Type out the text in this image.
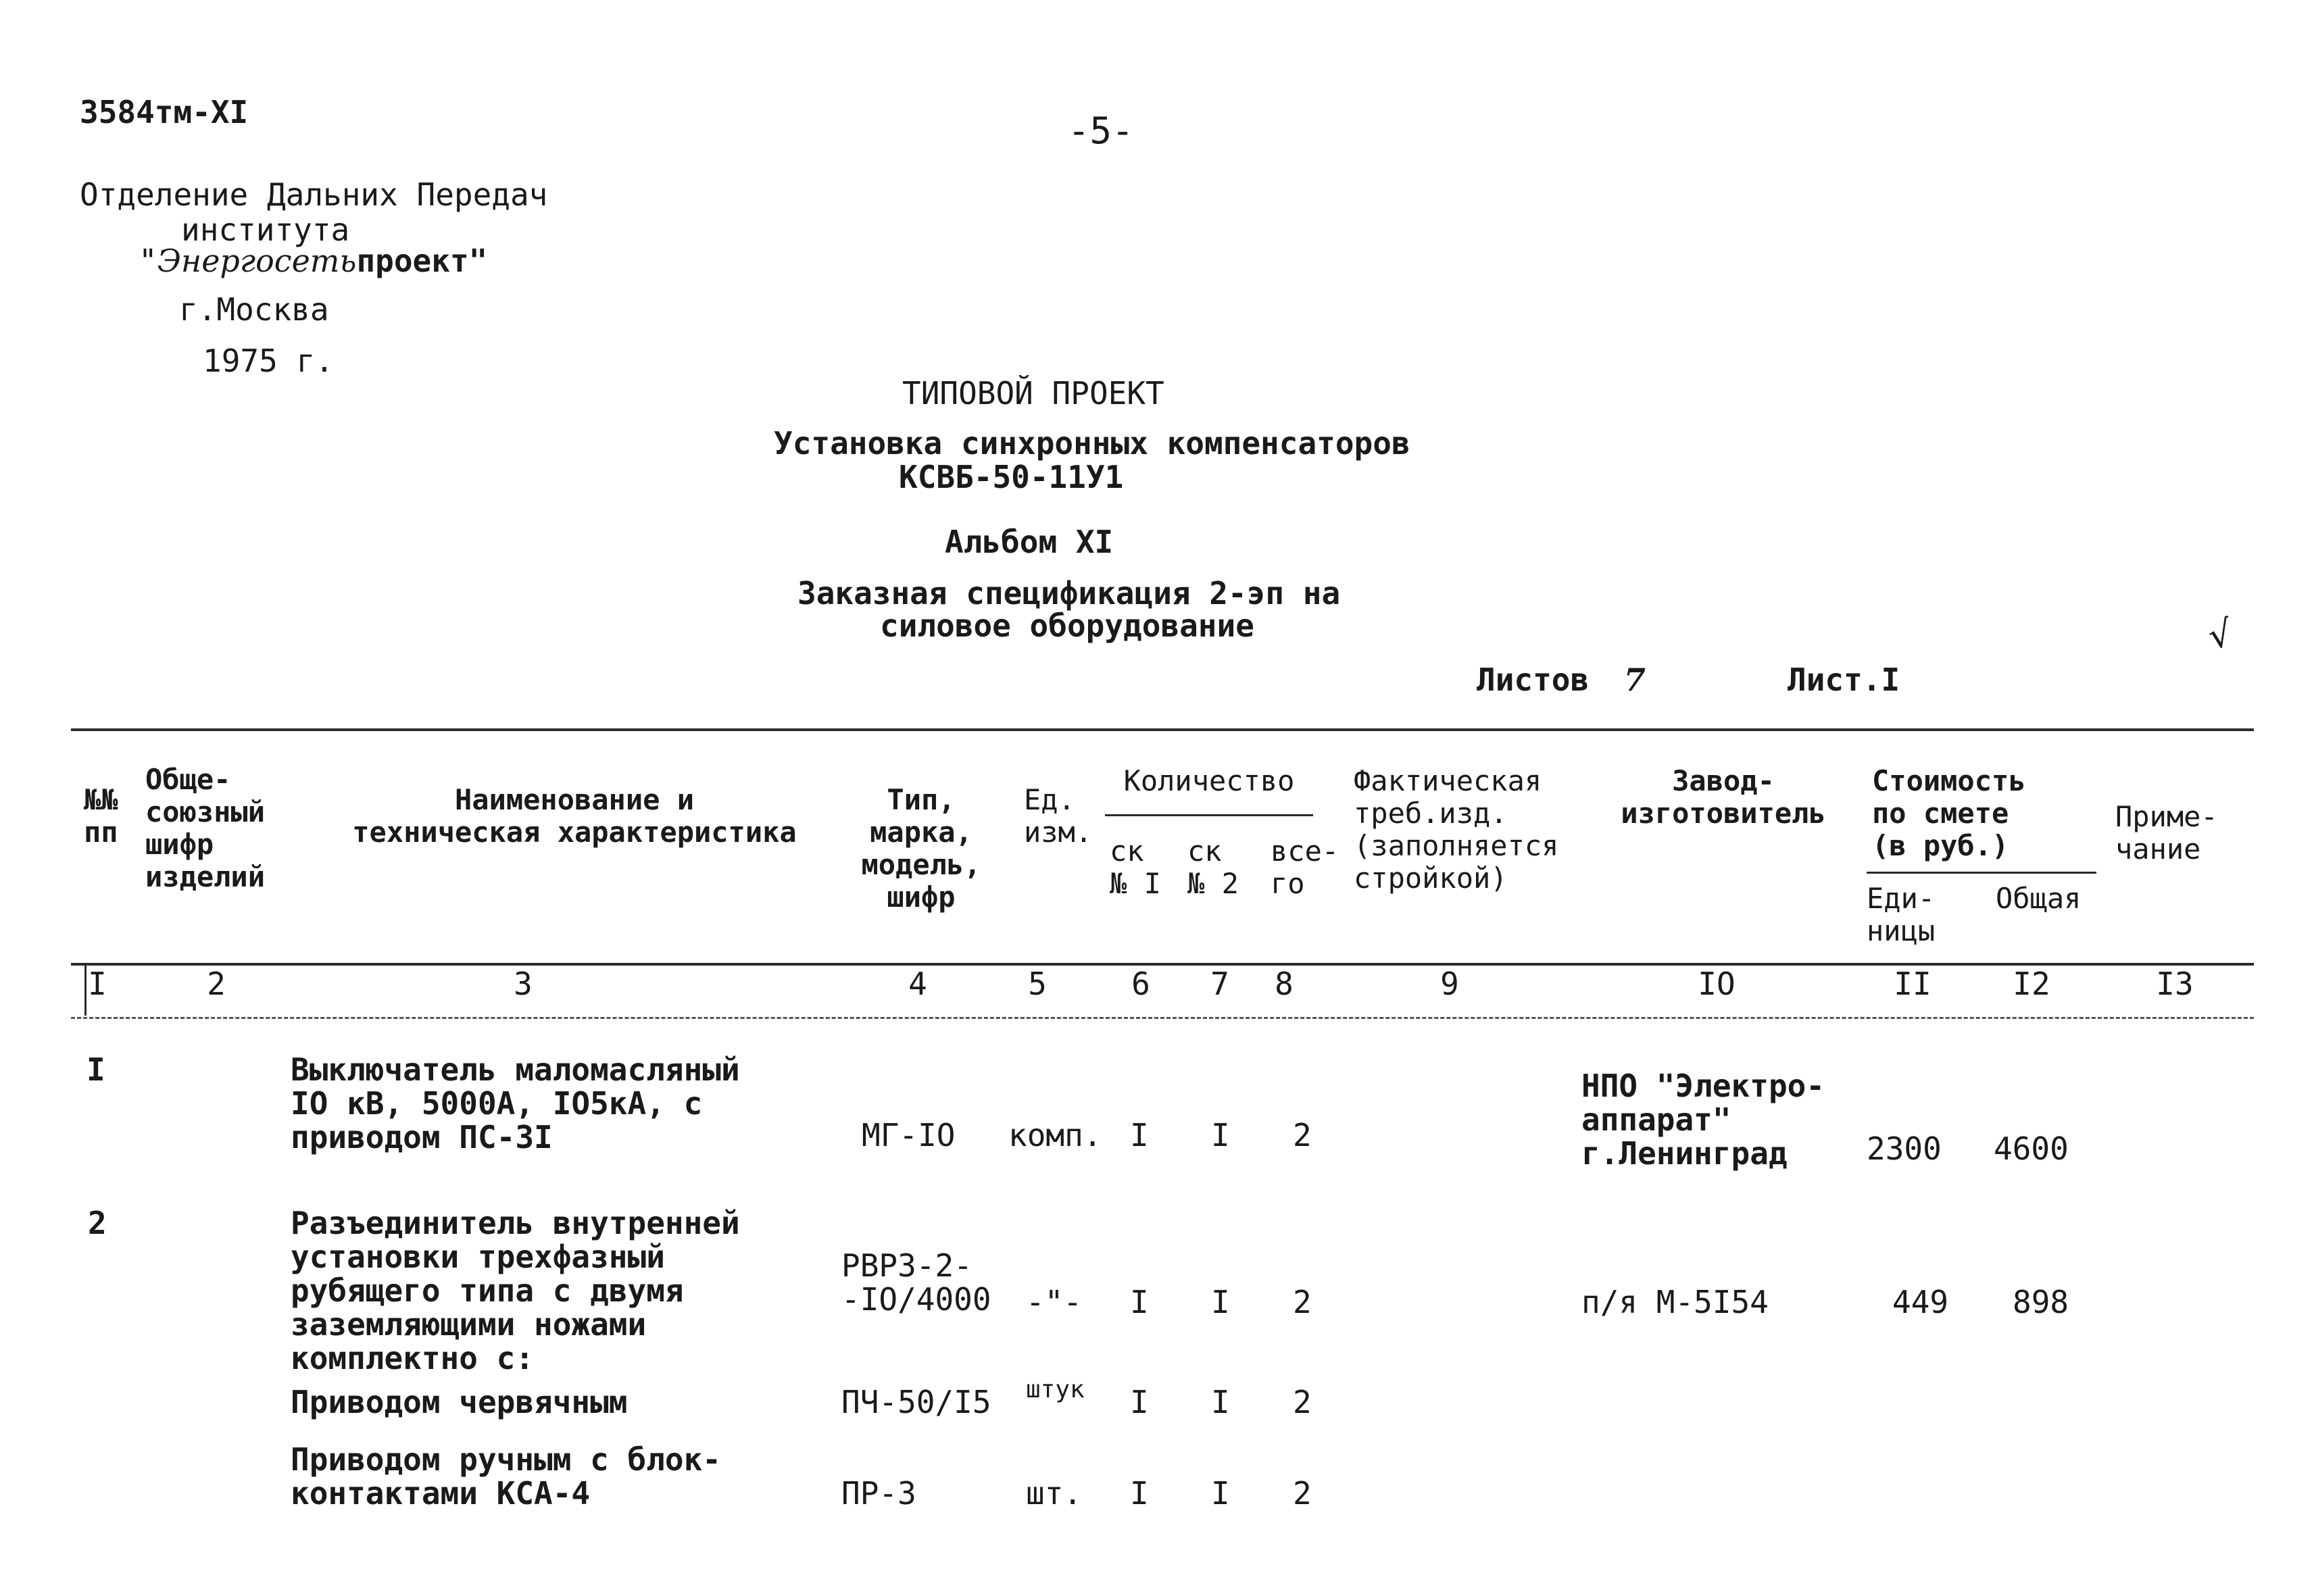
3584тм-XI	-5-
Отделение Дальних Передач
института
"Энергосетьпроект"
г.Москва
1975 г.
ТИПОВОЙ ПРОЕКТ
Установка синхронных компенсаторов
КСВБ-50-11У1
Альбом XI
Заказная спецификация 2-эп на
силовое оборудование
Листов 7	Лист.I
√
№№
пп
Обще-
союзный
шифр
изделий
Наименование и
техническая характеристика
Тип,
марка,
модель,
шифр
Ед.
изм.
Количество
ск
№ I
ск
№ 2
все-
го
Фактическая
треб.изд.
(заполняется
стройкой)
Завод-
изготовитель
Стоимость
по смете
(в руб.)
Еди-
ницы
Общая
Приме-
чание
I	2	3	4	5	6 7 8	9	IO	II	I2	I3
I	Выключатель маломасляный
IO кВ, 5000А, IO5кА, с
приводом ПС-3I	МГ-IO комп. I I 2
НПО "Электро-
аппарат"
г.Ленинград	2300 4600
2	Разъединитель внутренней
установки трехфазный
рубящего типа с двумя
заземляющими ножами
комплектно с:
РВРЗ-2-
-IO/4000 -"- I I 2	п/я М-5I54	449 898
Приводом червячным	ПЧ-50/I5 штук I I 2
Приводом ручным с блок-
контактами КСА-4	ПР-3	шт. I I 2
